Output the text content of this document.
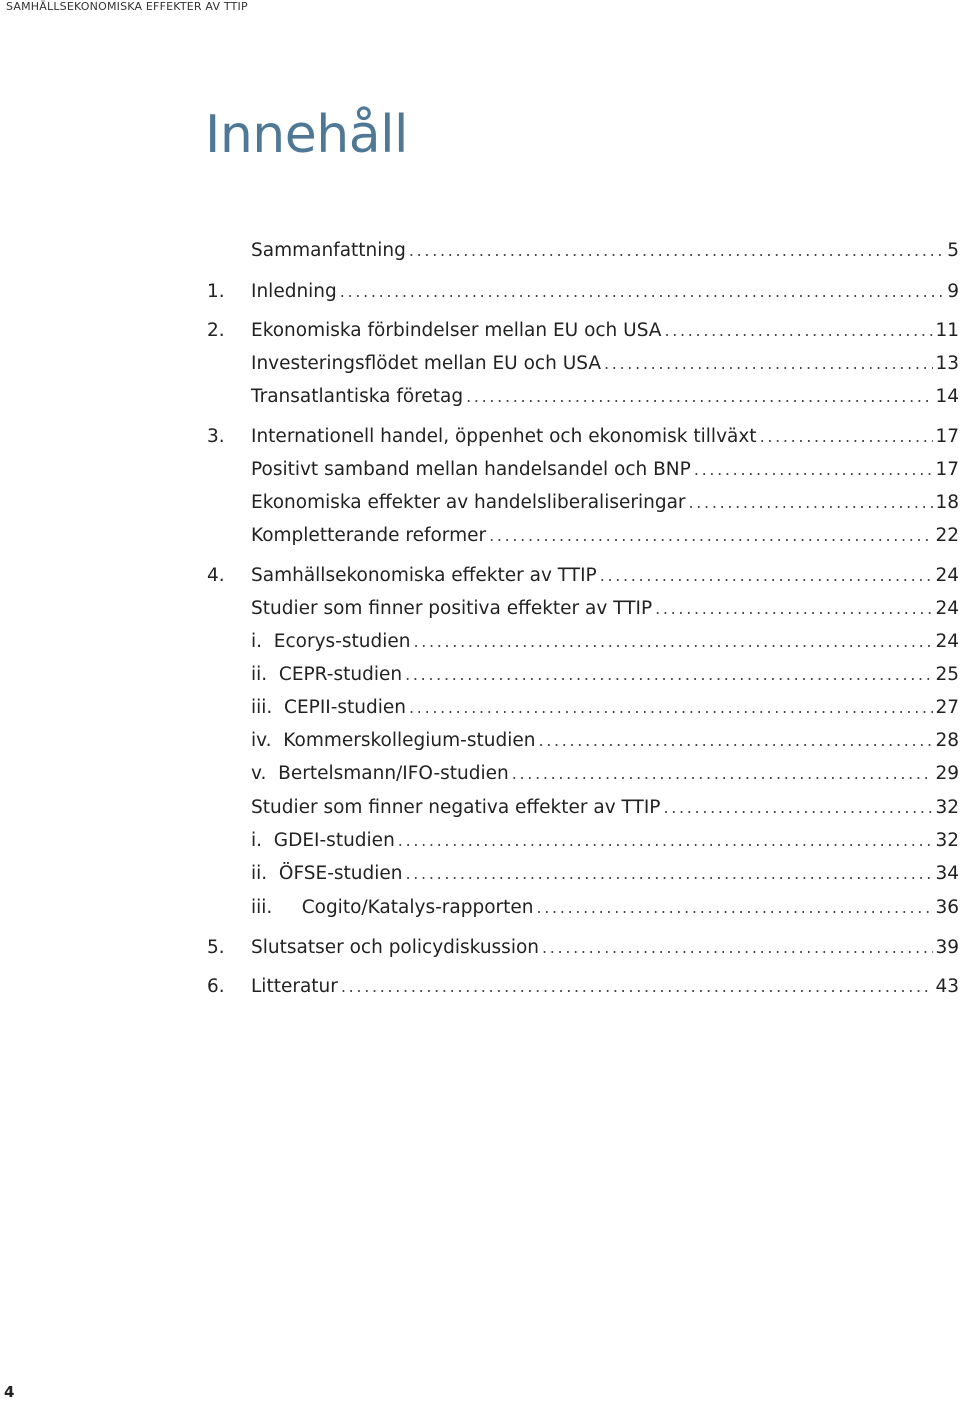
SAMHÄLLSEKONOMISKA EFFEKTER AV TTIP
Innehåll
Sammanfattning . . .	5
1.	Inledning . . .	9
2.	Ekonomiska förbindelser mellan EU och USA . . .	11
Investeringsflödet mellan EU och USA . . .	13
Transatlantiska företag . . .	14
3.	Internationell handel, öppenhet och ekonomisk tillväxt . . .	17
Positivt samband mellan handelsandel och BNP . . .	17
Ekonomiska effekter av handelsliberaliseringar . . .	18
Kompletterande reformer . . .	22
4.	Samhällsekonomiska effekter av TTIP . . .	24
Studier som finner positiva effekter av TTIP . . .	24
i.  Ecorys-studien . . .	24
ii.  CEPR-studien . . .	25
iii.  CEPII-studien . . .	27
iv.  Kommerskollegium-studien . . .	28
v.  Bertelsmann/IFO-studien . . .	29
Studier som finner negativa effekter av TTIP . . .	32
i.  GDEI-studien . . .	32
ii.  ÖFSE-studien . . .	34
iii.     Cogito/Katalys-rapporten . . .	36
5.	Slutsatser och policydiskussion . . .	39
6.	Litteratur . . .	43
4
